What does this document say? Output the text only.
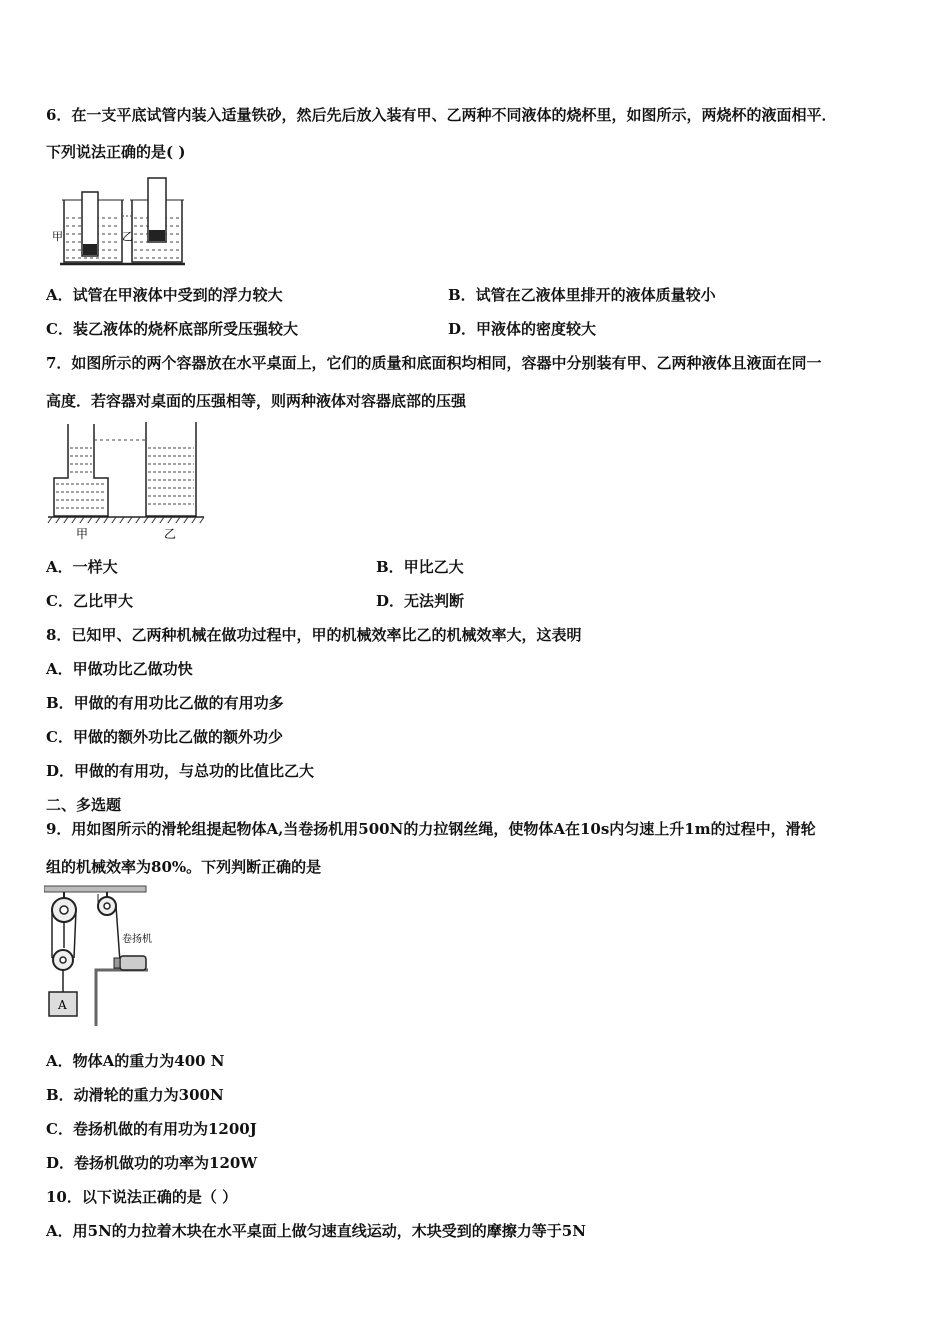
6．在一支平底试管内装入适量铁砂，然后先后放入装有甲、乙两种不同液体的烧杯里，如图所示，两烧杯的液面相平．
下列说法正确的是( )
甲	乙
A．试管在甲液体中受到的浮力较大	B．试管在乙液体里排开的液体质量较小
C．装乙液体的烧杯底部所受压强较大	D．甲液体的密度较大
7．如图所示的两个容器放在水平桌面上，它们的质量和底面积均相同，容器中分别装有甲、乙两种液体且液面在同一
高度．若容器对桌面的压强相等，则两种液体对容器底部的压强
甲	乙
A．一样大	B．甲比乙大
C．乙比甲大	D．无法判断
8．已知甲、乙两种机械在做功过程中，甲的机械效率比乙的机械效率大，这表明
A．甲做功比乙做功快
B．甲做的有用功比乙做的有用功多
C．甲做的额外功比乙做的额外功少
D．甲做的有用功，与总功的比值比乙大
二、多选题
9．用如图所示的滑轮组提起物体A,当卷扬机用500N的力拉钢丝绳，使物体A在10s内匀速上升1m的过程中，滑轮
组的机械效率为80%。下列判断正确的是
A
卷扬机
A．物体A的重力为400 N
B．动滑轮的重力为300N
C．卷扬机做的有用功为1200J
D．卷扬机做功的功率为120W
10．以下说法正确的是（ ）
A．用5N的力拉着木块在水平桌面上做匀速直线运动，木块受到的摩擦力等于5N
